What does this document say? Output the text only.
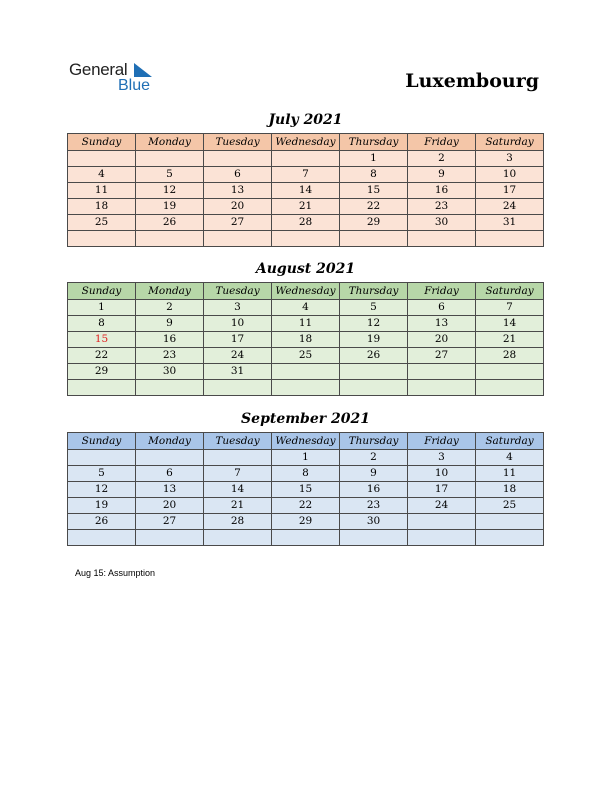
General
Blue	Luxembourg
July 2021
Sunday	Monday	Tuesday	Wednesday	Thursday	Friday	Saturday
				1	2	3
4	5	6	7	8	9	10
11	12	13	14	15	16	17
18	19	20	21	22	23	24
25	26	27	28	29	30	31

August 2021
Sunday	Monday	Tuesday	Wednesday	Thursday	Friday	Saturday
1	2	3	4	5	6	7
8	9	10	11	12	13	14
15	16	17	18	19	20	21
22	23	24	25	26	27	28
29	30	31				

September 2021
Sunday	Monday	Tuesday	Wednesday	Thursday	Friday	Saturday
			1	2	3	4
5	6	7	8	9	10	11
12	13	14	15	16	17	18
19	20	21	22	23	24	25
26	27	28	29	30		

Aug 15: Assumption
